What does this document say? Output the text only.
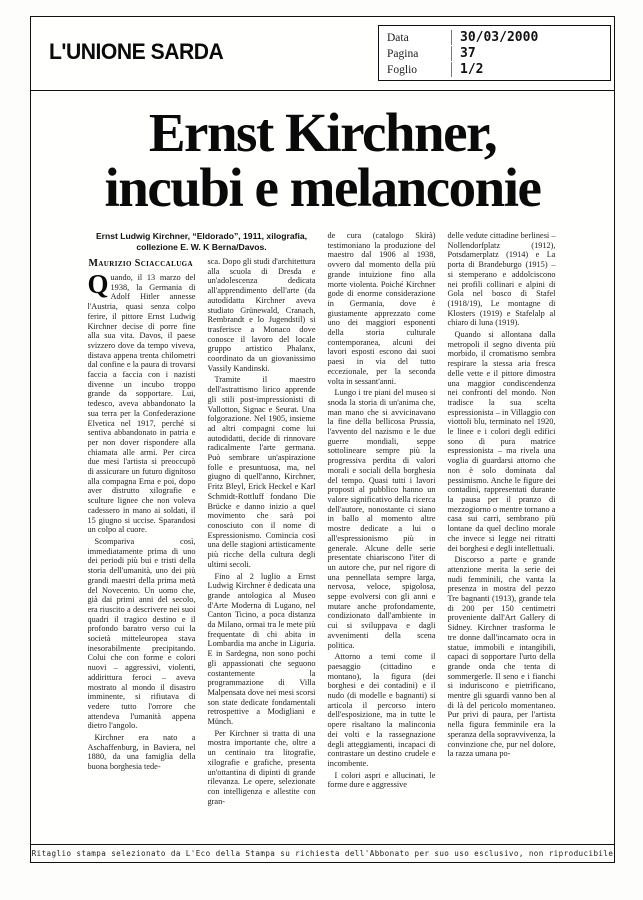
L'UNIONE SARDA
Data	30/03/2000
Pagina	37
Foglio	1/2
Ernst Kirchner,
incubi e melanconie
Ernst Ludwig Kirchner, “Eldorado”, 1911, xilografia, collezione E. W. K Berna/Davos.
Maurizio Sciaccaluga

Quando, il 13 marzo del 1938, la Germania di Adolf Hitler annesse l'Austria, quasi senza colpo ferire, il pittore Ernst Ludwig Kirchner decise di porre fine alla sua vita. Davos, il paese svizzero dove da tempo viveva, distava appena trenta chilometri dal confine e la paura di trovarsi faccia a faccia con i nazisti divenne un incubo troppo grande da sopportare. Lui, tedesco, aveva abbandonato la sua terra per la Confederazione Elvetica nel 1917, perché si sentiva abbandonato in patria e per non dover rispondere alla chiamata alle armi. Per circa due mesi l'artista si preoccupò di assicurare un futuro dignitoso alla compagna Erna e poi, dopo aver distrutto xilografie e sculture lignee che non voleva cadessero in mano ai soldati, il 15 giugno si uccise. Sparandosi un colpo al cuore.

Scompariva così, immediatamente prima di uno dei periodi più bui e tristi della storia dell'umanità, uno dei più grandi maestri della prima metà del Novecento. Un uomo che, già dai primi anni del secolo, era riuscito a descrivere nei suoi quadri il tragico destino e il profondo baratro verso cui la società mitteleuropea stava inesorabilmente precipitando. Colui che con forme e colori nuovi – aggressivi, violenti, addirittura feroci – aveva mostrato al mondo il disastro imminente, si rifiutava di vedere tutto l'orrore che attendeva l'umanità appena dietro l'angolo.

Kirchner era nato a Aschaffenburg, in Baviera, nel 1880, da una famiglia della buona borghesia tede-

sca. Dopo gli studi d'architettura alla scuola di Dresda e un'adolescenza dedicata all'apprendimento dell'arte (da autodidatta Kirchner aveva studiato Grünewald, Cranach, Rembrandt e lo Jugendstil) si trasferisce a Monaco dove conosce il lavoro del locale gruppo artistico Phalanx, coordinato da un giovanissimo Vassily Kandinski.

Tramite il maestro dell'astrattismo lirico apprende gli stili post-impressionisti di Vallotton, Signac e Seurat. Una folgorazione. Nel 1905, insieme ad altri compagni come lui autodidatti, decide di rinnovare radicalmente l'arte germana. Può sembrare un'aspirazione folle e presuntuosa, ma, nel giugno di quell'anno, Kirchner, Fritz Bleyl, Erick Heckel e Karl Schmidt-Rottluff fondano Die Brücke e danno inizio a quel movimento che sarà poi conosciuto con il nome di Espressionismo. Comincia così una delle stagioni artisticamente più ricche della cultura degli ultimi secoli.

Fino al 2 luglio a Ernst Ludwig Kirchner è dedicata una grande antologica al Museo d'Arte Moderna di Lugano, nel Canton Ticino, a poca distanza da Milano, ormai tra le mete più frequentate di chi abita in Lombardia ma anche in Liguria. E in Sardegna, non sono pochi gli appassionati che seguono costantemente la programmazione di Villa Malpensata dove nei mesi scorsi son state dedicate fondamentali retrospettive a Modigliani e Münch.

Per Kirchner si tratta di una mostra importante che, oltre a un centinaio tra litografie, xilografie e grafiche, presenta un'ottantina di dipinti di grande rilevanza. Le opere, selezionate con intelligenza e allestite con gran-

de cura (catalogo Skirà) testimoniano la produzione del maestro dal 1906 al 1938, ovvero dal momento della più grande intuizione fino alla morte violenta. Poiché Kirchner gode di enorme considerazione in Germania, dove è giustamente apprezzato come uno dei maggiori esponenti della storia culturale contemporanea, alcuni dei lavori esposti escono dai suoi paesi in via del tutto eccezionale, per la seconda volta in sessant'anni.

Lungo i tre piani del museo si snoda la storia di un'anima che, man mano che si avvicinavano la fine della bellicosa Prussia, l'avvento del nazismo e le due guerre mondiali, seppe sottolineare sempre più la progressiva perdita di valori morali e sociali della borghesia del tempo. Quasi tutti i lavori proposti al pubblico hanno un valore significativo della ricerca dell'autore, nonostante ci siano in ballo al momento altre mostre dedicate a lui o all'espressionismo più in generale. Alcune delle serie presentate chiariscono l'iter di un autore che, pur nel rigore di una pennellata sempre larga, nervosa, veloce, spigolosa, seppe evolversi con gli anni e mutare anche profondamente, condizionato dall'ambiente in cui si sviluppava e dagli avvenimenti della scena politica.

Attorno a temi come il paesaggio (cittadino e montano), la figura (dei borghesi e dei contadini) e il nudo (di modelle e bagnanti) si articola il percorso intero dell'esposizione, ma in tutte le opere risaltano la malinconia dei volti e la rassegnazione degli atteggiamenti, incapaci di contrastare un destino crudele e incombente.

I colori aspri e allucinati, le forme dure e aggressive

delle vedute cittadine berlinesi – Nollendorfplatz (1912), Potsdamerplatz (1914) e La porta di Brandeburgo (1915) – si stemperano e addolciscono nei profili collinari e alpini di Gola nel bosco di Stafel (1918/19), Le montagne di Klosters (1919) e Stafelalp al chiaro di luna (1919).

Quando si allontana dalla metropoli il segno diventa più morbido, il cromatismo sembra respirare la stessa aria fresca delle vette e il pittore dimostra una maggior condiscendenza nei confronti del mondo. Non tradisce la sua scelta espressionista – in Villaggio con viottoli blu, terminato nel 1920, le linee e i colori degli edifici sono di pura matrice espressionista – ma rivela una voglia di guardarsi attorno che non è solo dominata dal pessimismo. Anche le figure dei contadini, rappresentati durante la pausa per il pranzo di mezzogiorno o mentre tornano a casa sui carri, sembrano più lontane da quel declino morale che invece si legge nei ritratti dei borghesi e degli intellettuali.

Discorso a parte e grande attenzione merita la serie dei nudi femminili, che vanta la presenza in mostra del pezzo Tre bagnanti (1913), grande tela di 200 per 150 centimetri proveniente dall'Art Gallery di Sidney. Kirchner trasforma le tre donne dall'incarnato ocra in statue, immobili e intangibili, capaci di sopportare l'urto della grande onda che tenta di sommergerle. Il seno e i fianchi si induriscono e pietrificano, mentre gli sguardi vanno ben al di là del pericolo momentaneo. Pur privi di paura, per l'artista nella figura femminile era la speranza della sopravvivenza, la convinzione che, pur nel dolore, la razza umana po-

Ritaglio stampa selezionato da L'Eco della Stampa su richiesta dell'Abbonato per suo uso esclusivo, non riproducibile
